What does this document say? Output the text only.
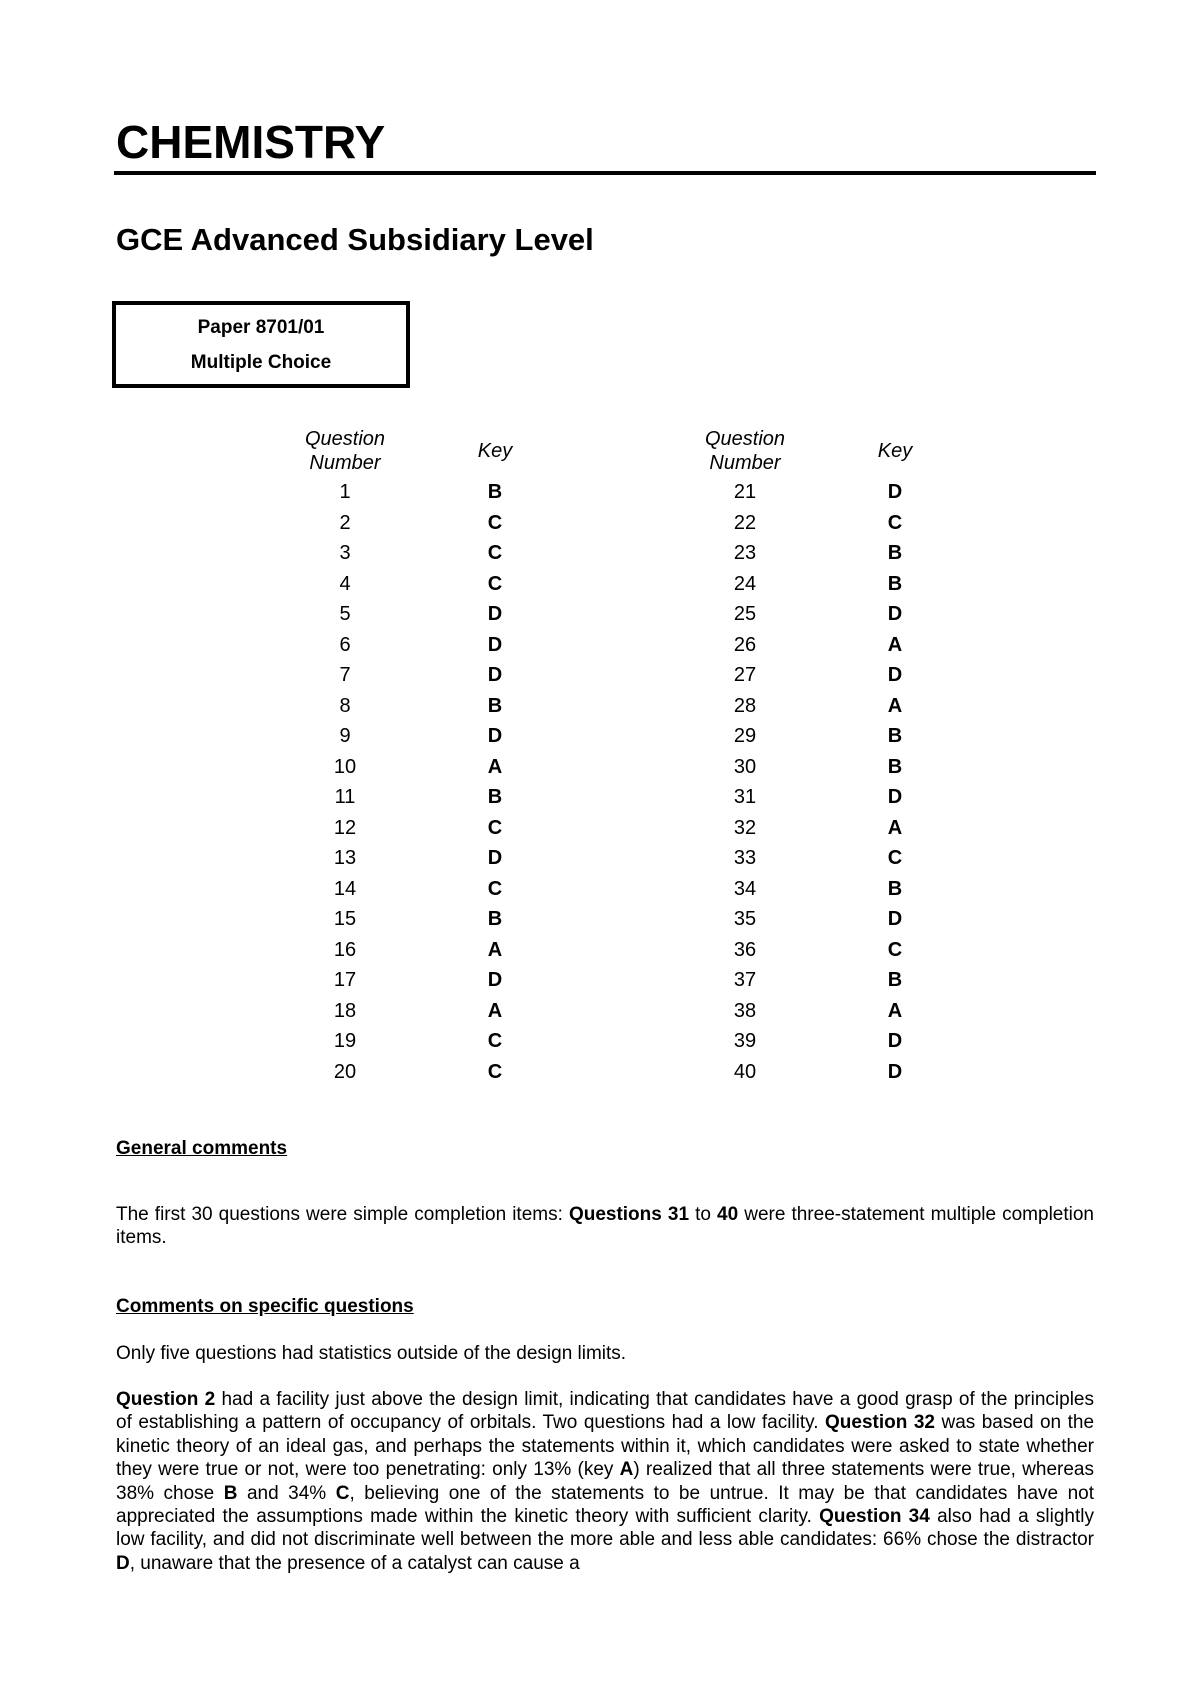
CHEMISTRY
GCE Advanced Subsidiary Level
Paper 8701/01
Multiple Choice
Question Number
1
2
3
4
5
6
7
8
9
10
11
12
13
14
15
16
17
18
19
20
Key
B
C
C
C
D
D
D
B
D
A
B
C
D
C
B
A
D
A
C
C
Question Number
21
22
23
24
25
26
27
28
29
30
31
32
33
34
35
36
37
38
39
40
Key
D
C
B
B
D
A
D
A
B
B
D
A
C
B
D
C
B
A
D
D
General comments
The first 30 questions were simple completion items: Questions 31 to 40 were three-statement multiple completion items.
Comments on specific questions
Only five questions had statistics outside of the design limits.
Question 2 had a facility just above the design limit, indicating that candidates have a good grasp of the principles of establishing a pattern of occupancy of orbitals. Two questions had a low facility. Question 32 was based on the kinetic theory of an ideal gas, and perhaps the statements within it, which candidates were asked to state whether they were true or not, were too penetrating: only 13% (key A) realized that all three statements were true, whereas 38% chose B and 34% C, believing one of the statements to be untrue. It may be that candidates have not appreciated the assumptions made within the kinetic theory with sufficient clarity. Question 34 also had a slightly low facility, and did not discriminate well between the more able and less able candidates: 66% chose the distractor D, unaware that the presence of a catalyst can cause a
